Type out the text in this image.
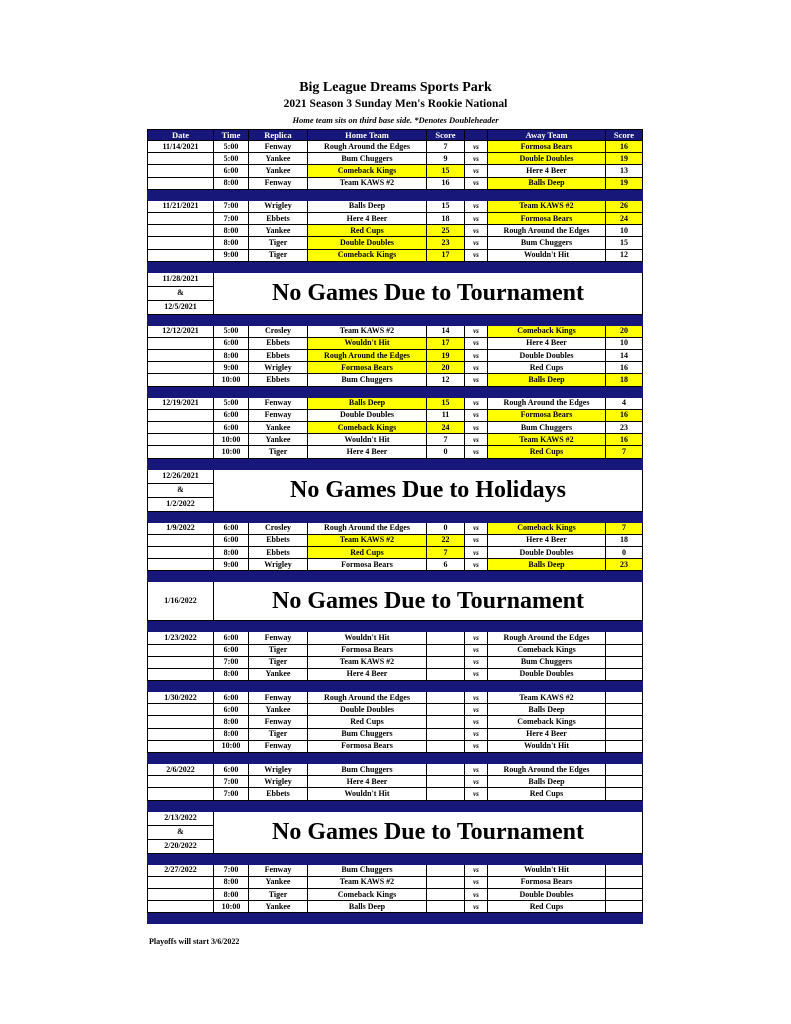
Big League Dreams Sports Park
2021 Season 3 Sunday Men's Rookie National
Home team sits on third base side. *Denotes Doubleheader
Date	Time	Replica	Home Team	Score		Away Team	Score
11/14/2021	5:00	Fenway	Rough Around the Edges	7	vs	Formosa Bears	16
	5:00	Yankee	Bum Chuggers	9	vs	Double Doubles	19
	6:00	Yankee	Comeback Kings	15	vs	Here 4 Beer	13
	8:00	Fenway	Team KAWS #2	16	vs	Balls Deep	19

11/21/2021	7:00	Wrigley	Balls Deep	15	vs	Team KAWS #2	26
	7:00	Ebbets	Here 4 Beer	18	vs	Formosa Bears	24
	8:00	Yankee	Red Cups	25	vs	Rough Around the Edges	10
	8:00	Tiger	Double Doubles	23	vs	Bum Chuggers	15
	9:00	Tiger	Comeback Kings	17	vs	Wouldn't Hit	12

11/28/2021	No Games Due to Tournament						
&							
12/5/2021							

12/12/2021	5:00	Crosley	Team KAWS #2	14	vs	Comeback Kings	20
	6:00	Ebbets	Wouldn't Hit	17	vs	Here 4 Beer	10
	8:00	Ebbets	Rough Around the Edges	19	vs	Double Doubles	14
	9:00	Wrigley	Formosa Bears	20	vs	Red Cups	16
	10:00	Ebbets	Bum Chuggers	12	vs	Balls Deep	18

12/19/2021	5:00	Fenway	Balls Deep	15	vs	Rough Around the Edges	4
	6:00	Fenway	Double Doubles	11	vs	Formosa Bears	16
	6:00	Yankee	Comeback Kings	24	vs	Bum Chuggers	23
	10:00	Yankee	Wouldn't Hit	7	vs	Team KAWS #2	16
	10:00	Tiger	Here 4 Beer	0	vs	Red Cups	7

12/26/2021	No Games Due to Holidays						
&							
1/2/2022							

1/9/2022	6:00	Crosley	Rough Around the Edges	0	vs	Comeback Kings	7
	6:00	Ebbets	Team KAWS #2	22	vs	Here 4 Beer	18
	8:00	Ebbets	Red Cups	7	vs	Double Doubles	0
	9:00	Wrigley	Formosa Bears	6	vs	Balls Deep	23

1/16/2022	No Games Due to Tournament						

1/23/2022	6:00	Fenway	Wouldn't Hit		vs	Rough Around the Edges	
	6:00	Tiger	Formosa Bears		vs	Comeback Kings	
	7:00	Tiger	Team KAWS #2		vs	Bum Chuggers	
	8:00	Yankee	Here 4 Beer		vs	Double Doubles	

1/30/2022	6:00	Fenway	Rough Around the Edges		vs	Team KAWS #2	
	6:00	Yankee	Double Doubles		vs	Balls Deep	
	8:00	Fenway	Red Cups		vs	Comeback Kings	
	8:00	Tiger	Bum Chuggers		vs	Here 4 Beer	
	10:00	Fenway	Formosa Bears		vs	Wouldn't Hit	

2/6/2022	6:00	Wrigley	Bum Chuggers		vs	Rough Around the Edges	
	7:00	Wrigley	Here 4 Beer		vs	Balls Deep	
	7:00	Ebbets	Wouldn't Hit		vs	Red Cups	

2/13/2022	No Games Due to Tournament						
&							
2/20/2022							

2/27/2022	7:00	Fenway	Bum Chuggers		vs	Wouldn't Hit	
	8:00	Yankee	Team KAWS #2		vs	Formosa Bears	
	8:00	Tiger	Comeback Kings		vs	Double Doubles	
	10:00	Yankee	Balls Deep		vs	Red Cups	

Playoffs will start 3/6/2022
